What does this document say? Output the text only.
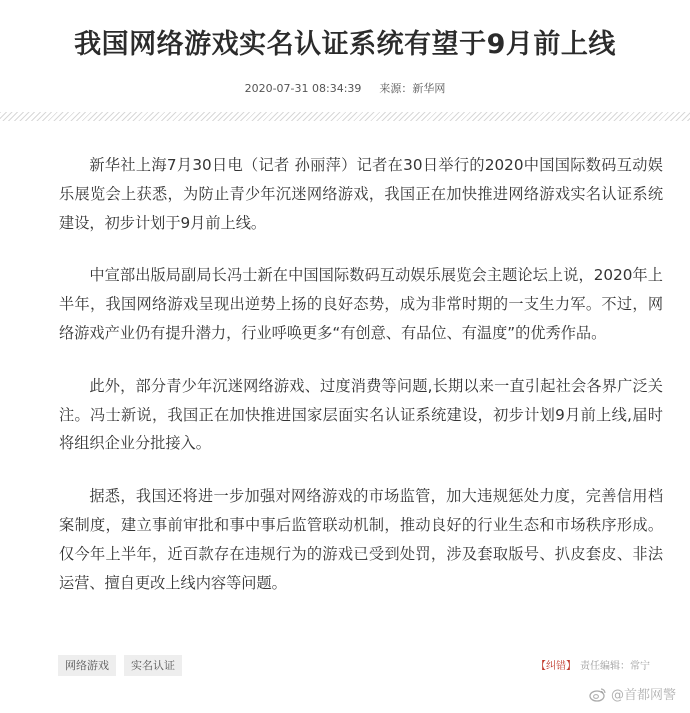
我国网络游戏实名认证系统有望于9月前上线
2020-07-31 08:34:39 来源：新华网

新华社上海7月30日电（记者 孙丽萍）记者在30日举行的2020中国国际数码互动娱乐展览会上获悉，为防止青少年沉迷网络游戏，我国正在加快推进网络游戏实名认证系统建设，初步计划于9月前上线。

中宣部出版局副局长冯士新在中国国际数码互动娱乐展览会主题论坛上说，2020年上半年，我国网络游戏呈现出逆势上扬的良好态势，成为非常时期的一支生力军。不过，网络游戏产业仍有提升潜力，行业呼唤更多“有创意、有品位、有温度”的优秀作品。

此外，部分青少年沉迷网络游戏、过度消费等问题,长期以来一直引起社会各界广泛关注。冯士新说，我国正在加快推进国家层面实名认证系统建设，初步计划9月前上线,届时将组织企业分批接入。

据悉，我国还将进一步加强对网络游戏的市场监管，加大违规惩处力度，完善信用档案制度，建立事前审批和事中事后监管联动机制，推动良好的行业生态和市场秩序形成。仅今年上半年，近百款存在违规行为的游戏已受到处罚，涉及套取版号、扒皮套皮、非法运营、擅自更改上线内容等问题。

网络游戏 实名认证	【纠错】 责任编辑：常宁
@首都网警
